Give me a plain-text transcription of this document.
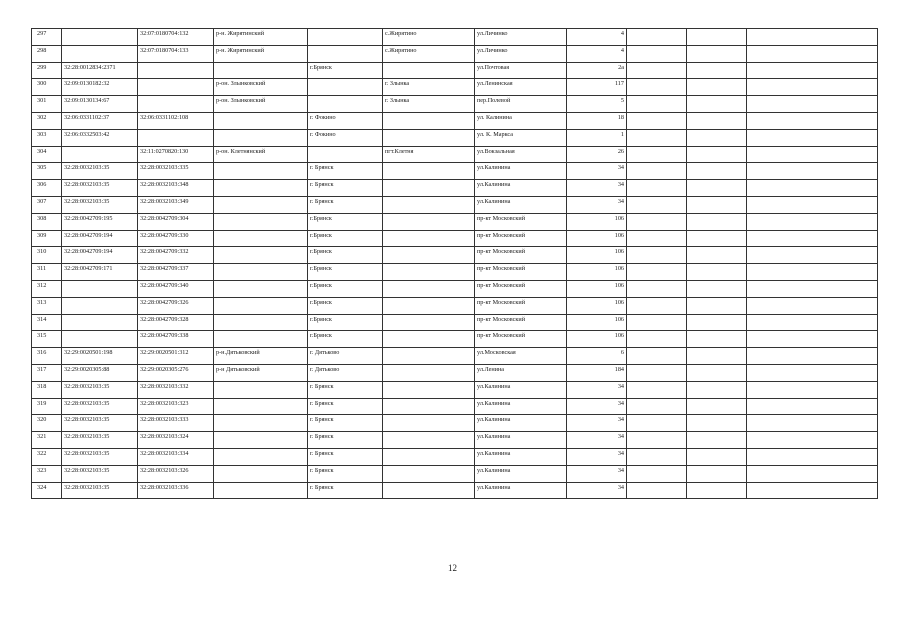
297		32:07:0180704:132	р-н. Жирятинский		с.Жирятино	ул.Личинко	4			
298		32:07:0180704:133	р-н. Жирятинский		с.Жирятино	ул.Личинко	4			
299	32:28:0012834:2371			г.Брянск		ул.Почтовая	2а			
300	32:09:0130182:32		р-он. Злынковский		г. Злынка	ул.Ленинская	117			
301	32:09:0130134:67		р-он. Злынковский		г. Злынка	пер.Полевой	5			
302	32:06:0331102:37	32:06:0331102:108		г. Фокино		ул. Калинина	18			
303	32:06:0332503:42			г. Фокино		ул. К. Маркса	1			
304		32:11:0270820:130	р-он. Клетнянский		пгт.Клетня	ул.Вокзальная	26			
305	32:28:0032103:35	32:28:0032103:335		г. Брянск		ул.Калинина	34			
306	32:28:0032103:35	32:28:0032103:348		г. Брянск		ул.Калинина	34			
307	32:28:0032103:35	32:28:0032103:349		г. Брянск		ул.Калинина	34			
308	32:28:0042709:195	32:28:0042709:304		г.Брянск		пр-кт Московский	106			
309	32:28:0042709:194	32:28:0042709:330		г.Брянск		пр-кт Московский	106			
310	32:28:0042709:194	32:28:0042709:332		г.Брянск		пр-кт Московский	106			
311	32:28:0042709:171	32:28:0042709:337		г.Брянск		пр-кт Московский	106			
312		32:28:0042709:340		г.Брянск		пр-кт Московский	106			
313		32:28:0042709:326		г.Брянск		пр-кт Московский	106			
314		32:28:0042709:328		г.Брянск		пр-кт Московский	106			
315		32:28:0042709:338		г.Брянск		пр-кт Московский	106			
316	32:29:0020501:198	32:29:0020501:312	р-н.Дятьковский	г. Дятьково		ул.Московская	6			
317	32:29:0020305:88	32:29:0020305:276	р-н Дятьковский	г. Дятьково		ул.Ленина	184			
318	32:28:0032103:35	32:28:0032103:332		г. Брянск		ул.Калинина	34			
319	32:28:0032103:35	32:28:0032103:323		г. Брянск		ул.Калинина	34			
320	32:28:0032103:35	32:28:0032103:333		г. Брянск		ул.Калинина	34			
321	32:28:0032103:35	32:28:0032103:324		г. Брянск		ул.Калинина	34			
322	32:28:0032103:35	32:28:0032103:334		г. Брянск		ул.Калинина	34			
323	32:28:0032103:35	32:28:0032103:326		г. Брянск		ул.Калинина	34			
324	32:28:0032103:35	32:28:0032103:336		г. Брянск		ул.Калинина	34			
12
